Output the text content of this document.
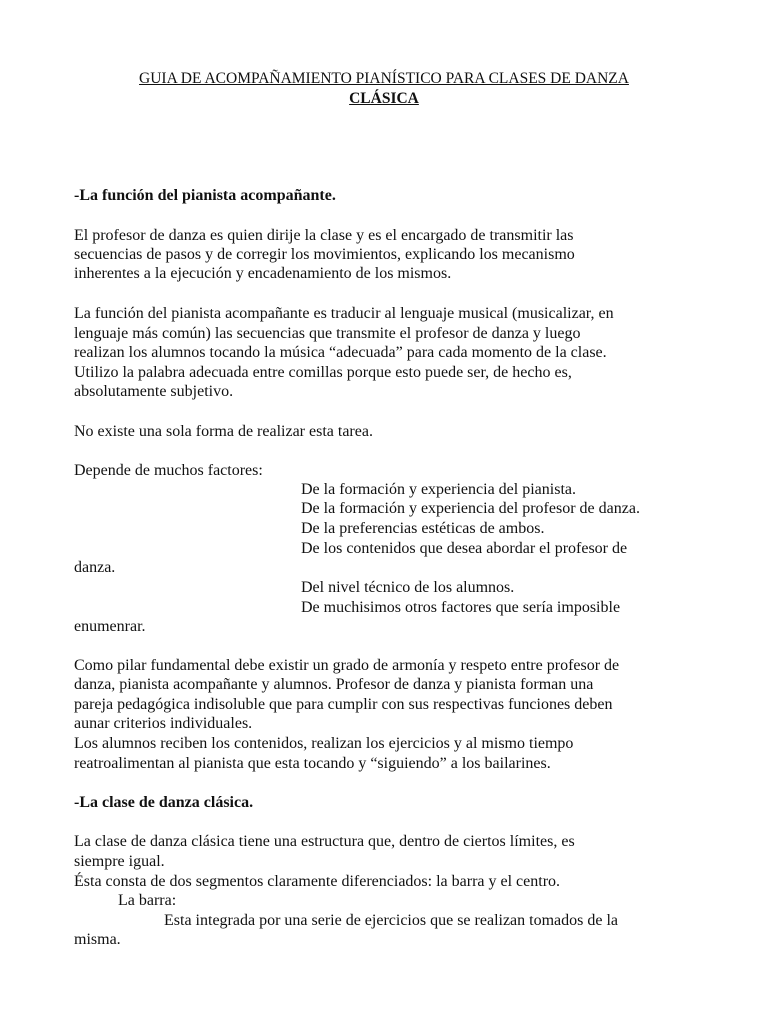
GUIA DE ACOMPAÑAMIENTO PIANÍSTICO PARA CLASES DE DANZA
CLÁSICA
-La función del pianista acompañante.
El profesor de danza es quien dirije la clase y es el encargado de transmitir las
secuencias de pasos y de corregir los movimientos, explicando los mecanismo
inherentes a la ejecución y encadenamiento de los mismos.
La función del pianista acompañante es traducir al lenguaje musical (musicalizar, en
lenguaje más común) las secuencias que transmite el profesor de danza y luego
realizan los alumnos tocando la música “adecuada” para cada momento de la clase.
Utilizo la palabra adecuada entre comillas porque esto puede ser, de hecho es,
absolutamente subjetivo.
No existe una sola forma de realizar esta tarea.
Depende de muchos factores:
De la formación y experiencia del pianista.
De la formación y experiencia del profesor de danza.
De la preferencias estéticas de ambos.
De los contenidos que desea abordar el profesor de
danza.
Del nivel técnico de los alumnos.
De muchisimos otros factores que sería imposible
enumenrar.
Como pilar fundamental debe existir un grado de armonía y respeto entre profesor de
danza, pianista acompañante y alumnos. Profesor de danza y pianista forman una
pareja pedagógica indisoluble que para cumplir con sus respectivas funciones deben
aunar criterios individuales.
Los alumnos reciben los contenidos, realizan los ejercicios y al mismo tiempo
reatroalimentan al pianista que esta tocando y “siguiendo” a los bailarines.
-La clase de danza clásica.
La clase de danza clásica tiene una estructura que, dentro de ciertos límites, es
siempre igual.
Ésta consta de dos segmentos claramente diferenciados: la barra y el centro.
La barra:
Esta integrada por una serie de ejercicios que se realizan tomados de la
misma.
